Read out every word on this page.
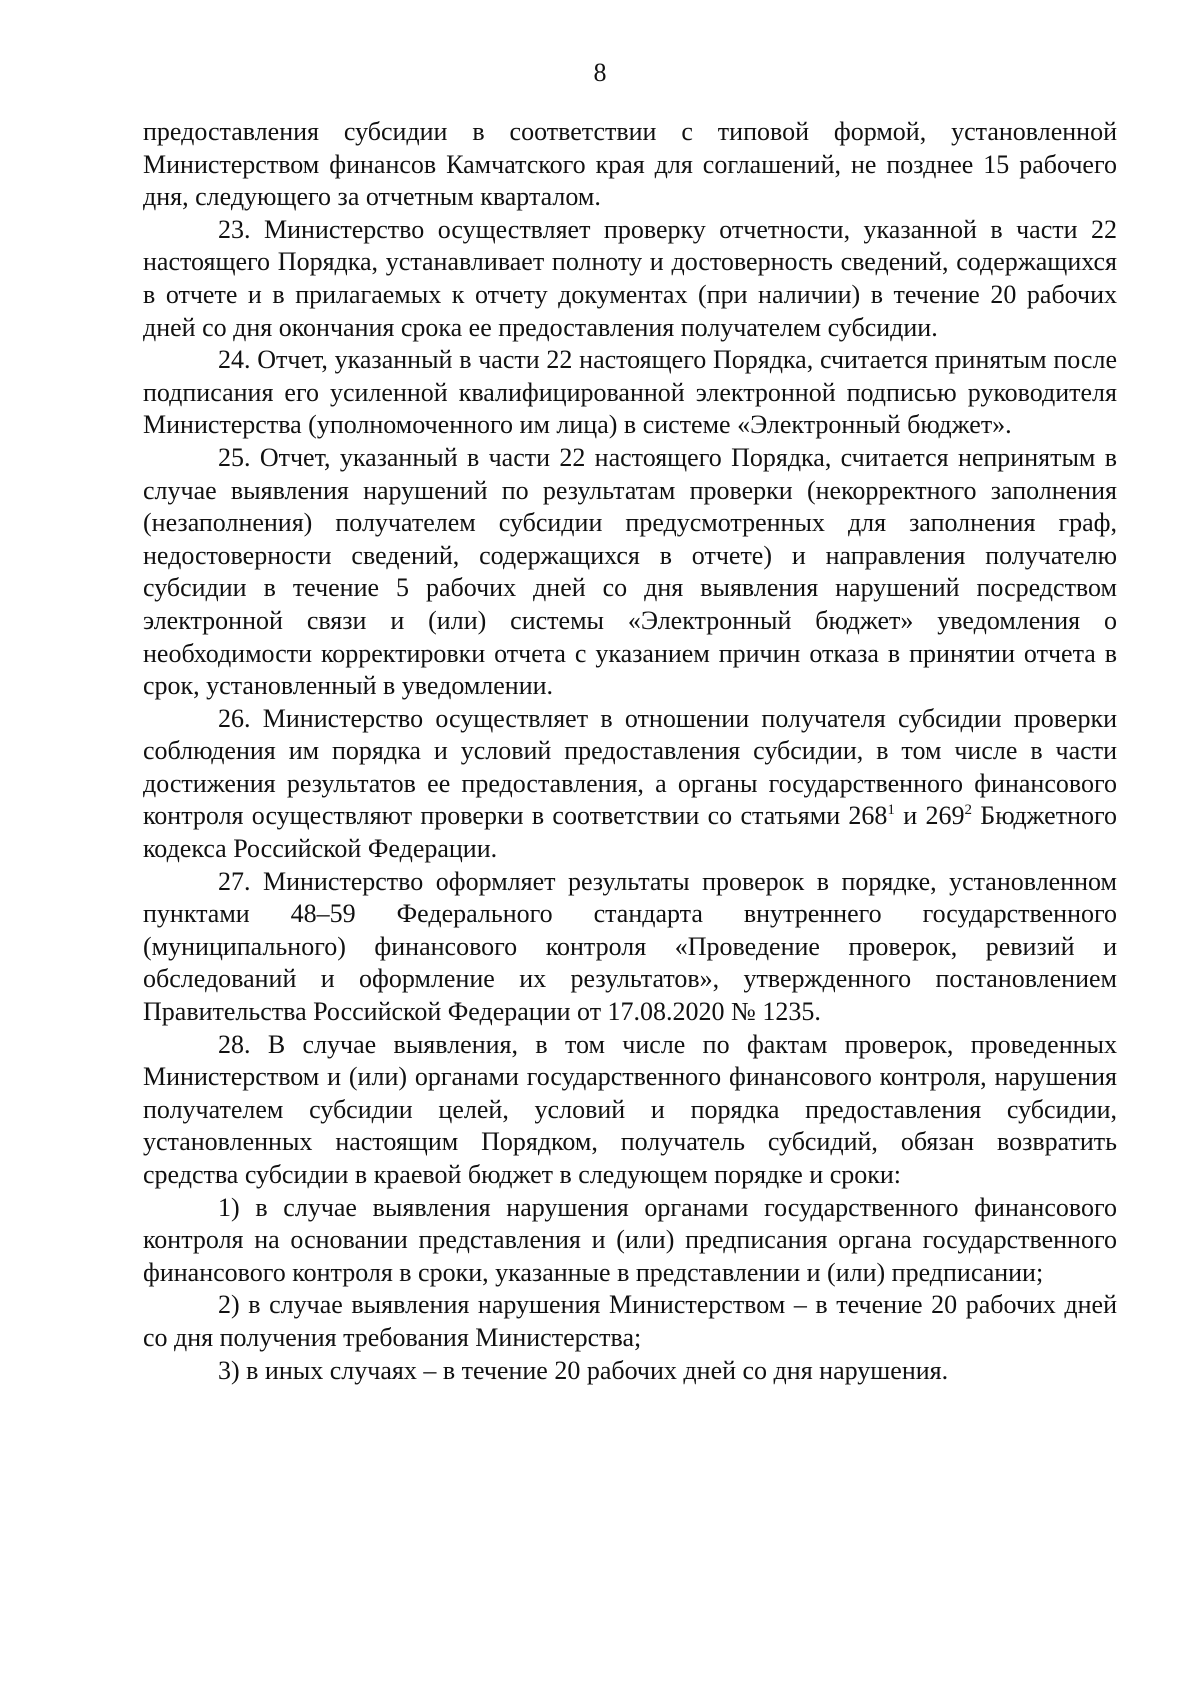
8

предоставления субсидии в соответствии с типовой формой, установленной Министерством финансов Камчатского края для соглашений, не позднее 15 рабочего дня, следующего за отчетным кварталом.

23. Министерство осуществляет проверку отчетности, указанной в части 22 настоящего Порядка, устанавливает полноту и достоверность сведений, содержащихся в отчете и в прилагаемых к отчету документах (при наличии) в течение 20 рабочих дней со дня окончания срока ее предоставления получателем субсидии.

24. Отчет, указанный в части 22 настоящего Порядка, считается принятым после подписания его усиленной квалифицированной электронной подписью руководителя Министерства (уполномоченного им лица) в системе «Электронный бюджет».

25. Отчет, указанный в части 22 настоящего Порядка, считается непринятым в случае выявления нарушений по результатам проверки (некорректного заполнения (незаполнения) получателем субсидии предусмотренных для заполнения граф, недостоверности сведений, содержащихся в отчете) и направления получателю субсидии в течение 5 рабочих дней со дня выявления нарушений посредством электронной связи и (или) системы «Электронный бюджет» уведомления о необходимости корректировки отчета с указанием причин отказа в принятии отчета в срок, установленный в уведомлении.

26. Министерство осуществляет в отношении получателя субсидии проверки соблюдения им порядка и условий предоставления субсидии, в том числе в части достижения результатов ее предоставления, а органы государственного финансового контроля осуществляют проверки в соответствии со статьями $268^1$ и $269^2$ Бюджетного кодекса Российской Федерации.

27. Министерство оформляет результаты проверок в порядке, установленном пунктами 48–59 Федерального стандарта внутреннего государственного (муниципального) финансового контроля «Проведение проверок, ревизий и обследований и оформление их результатов», утвержденного постановлением Правительства Российской Федерации от 17.08.2020 № 1235.

28. В случае выявления, в том числе по фактам проверок, проведенных Министерством и (или) органами государственного финансового контроля, нарушения получателем субсидии целей, условий и порядка предоставления субсидии, установленных настоящим Порядком, получатель субсидий, обязан возвратить средства субсидии в краевой бюджет в следующем порядке и сроки:

1) в случае выявления нарушения органами государственного финансового контроля на основании представления и (или) предписания органа государственного финансового контроля в сроки, указанные в представлении и (или) предписании;

2) в случае выявления нарушения Министерством – в течение 20 рабочих дней со дня получения требования Министерства;

3) в иных случаях – в течение 20 рабочих дней со дня нарушения.
